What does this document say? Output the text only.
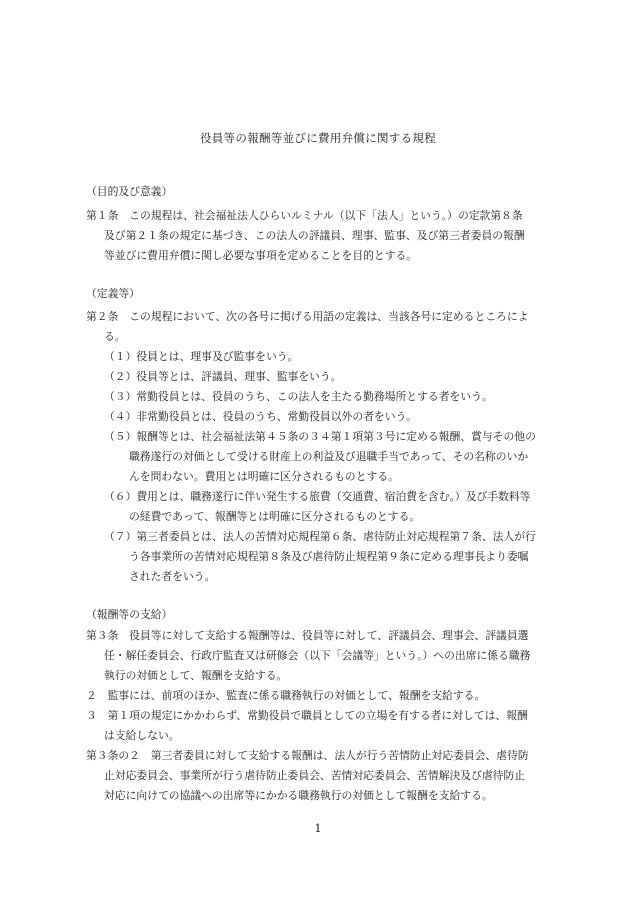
役員等の報酬等並びに費用弁償に関する規程

（目的及び意義）

第１条　この規程は、社会福祉法人ひらいルミナル（以下「法人」という。）の定款第８条

及び第２１条の規定に基づき、この法人の評議員、理事、監事、及び第三者委員の報酬

等並びに費用弁償に関し必要な事項を定めることを目的とする。

（定義等）

第２条　この規程において、次の各号に掲げる用語の定義は、当該各号に定めるところによ

る。

（１）役員とは、理事及び監事をいう。

（２）役員等とは、評議員、理事、監事をいう。

（３）常勤役員とは、役員のうち、この法人を主たる勤務場所とする者をいう。

（４）非常勤役員とは、役員のうち、常勤役員以外の者をいう。

（５）報酬等とは、社会福祉法第４５条の３４第１項第３号に定める報酬、賞与その他の

職務遂行の対価として受ける財産上の利益及び退職手当であって、その名称のいか

んを問わない。費用とは明確に区分されるものとする。

（６）費用とは、職務遂行に伴い発生する旅費（交通費、宿泊費を含む。）及び手数料等

の経費であって、報酬等とは明確に区分されるものとする。

（７）第三者委員とは、法人の苦情対応規程第６条、虐待防止対応規程第７条、法人が行

う各事業所の苦情対応規程第８条及び虐待防止規程第９条に定める理事長より委嘱

された者をいう。

（報酬等の支給）

第３条　役員等に対して支給する報酬等は、役員等に対して、評議員会、理事会、評議員選

任・解任委員会、行政庁監査又は研修会（以下「会議等」という。）への出席に係る職務

執行の対価として、報酬を支給する。

２　監事には、前項のほか、監査に係る職務執行の対価として、報酬を支給する。

３　第１項の規定にかかわらず、常勤役員で職員としての立場を有する者に対しては、報酬

は支給しない。

第３条の２　第三者委員に対して支給する報酬は、法人が行う苦情防止対応委員会、虐待防

止対応委員会、事業所が行う虐待防止委員会、苦情対応委員会、苦情解決及び虐待防止

対応に向けての協議への出席等にかかる職務執行の対価として報酬を支給する。

1
